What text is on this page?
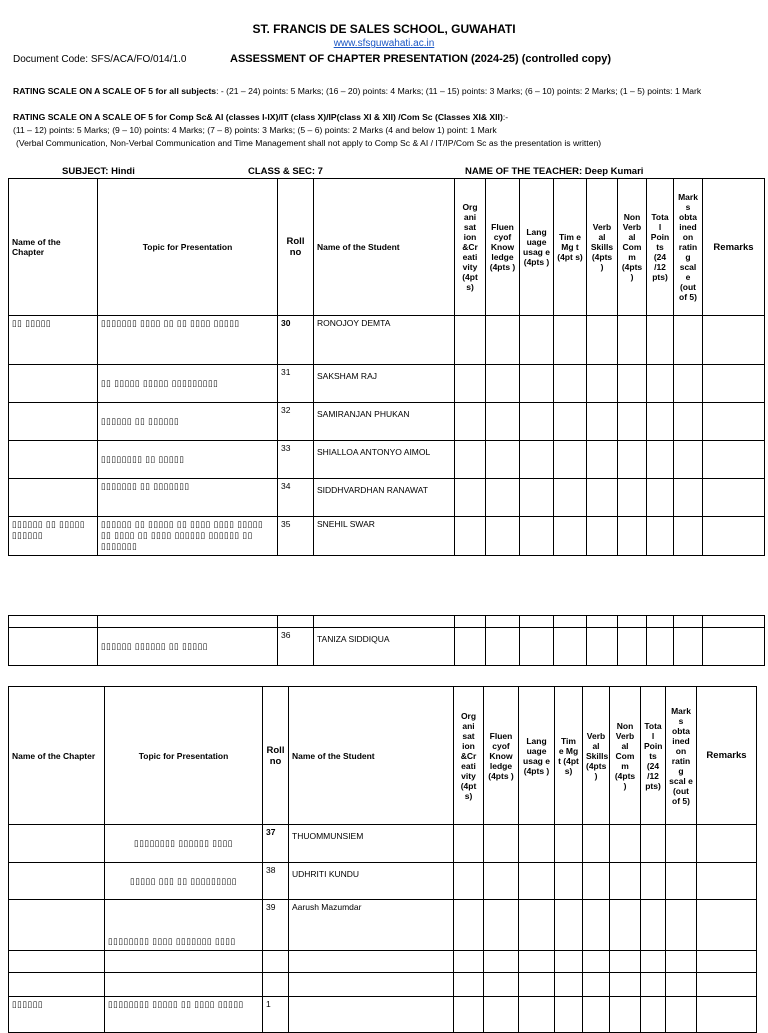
ST. FRANCIS DE SALES SCHOOL, GUWAHATI
www.sfsguwahati.ac.in
Document Code: SFS/ACA/FO/014/1.0	ASSESSMENT OF CHAPTER PRESENTATION (2024-25) (controlled copy)
RATING SCALE ON A SCALE OF 5 for all subjects: - (21 – 24) points: 5 Marks; (16 – 20) points: 4 Marks; (11 – 15) points: 3 Marks; (6 – 10) points: 2 Marks; (1 – 5) points: 1 Mark
RATING SCALE ON A SCALE OF 5 for Comp Sc& AI (classes I-IX)/IT (class X)/IP(class XI & XII) /Com Sc (Classes XI& XII):-
(11 – 12) points: 5 Marks; (9 – 10) points: 4 Marks; (7 – 8) points: 3 Marks; (5 – 6) points: 2 Marks (4 and below 1) point: 1 Mark
(Verbal Communication, Non-Verbal Communication and Time Management shall not apply to Comp Sc & AI / IT/IP/Com Sc as the presentation is written)
SUBJECT: Hindi	CLASS & SEC: 7	NAME OF THE TEACHER: Deep Kumari
Name of the Chapter	Topic for Presentation	Roll no	Name of the Student	Org ani sat ion &Cr eati vity (4pt s)	Fluen cyof Know ledge (4pts )	Lang uage usag e (4pts )	Tim e Mg t (4pt s)	Verb al Skills (4pts )	Non Verb al Com m (4pts )	Tota l Poin ts (24 /12 pts)	Mark s obta ined on ratin g scal e (out of 5)	Remarks
▯▯ ▯▯▯▯▯	▯▯▯▯▯▯▯ ▯▯▯▯ ▯▯ ▯▯ ▯▯▯▯ ▯▯▯▯▯	30	RONOJOY DEMTA									
	▯▯ ▯▯▯▯▯ ▯▯▯▯▯ ▯▯▯▯▯▯▯▯▯	31	SAKSHAM RAJ									
	▯▯▯▯▯▯ ▯▯ ▯▯▯▯▯▯	32	SAMIRANJAN PHUKAN									
	▯▯▯▯▯▯▯▯ ▯▯ ▯▯▯▯▯	33	SHIALLOA ANTONYO AIMOL									
	▯▯▯▯▯▯▯ ▯▯ ▯▯▯▯▯▯▯	34	SIDDHVARDHAN RANAWAT									
▯▯▯▯▯▯ ▯▯ ▯▯▯▯▯ ▯▯▯▯▯▯	▯▯▯▯▯▯ ▯▯ ▯▯▯▯▯ ▯▯ ▯▯▯▯ ▯▯▯▯ ▯▯▯▯▯ ▯▯ ▯▯▯▯ ▯▯ ▯▯▯▯ ▯▯▯▯▯▯ ▯▯▯▯▯▯ ▯▯ ▯▯▯▯▯▯▯	35	SNEHIL SWAR									

	▯▯▯▯▯▯ ▯▯▯▯▯▯ ▯▯ ▯▯▯▯▯	36	TANIZA SIDDIQUA									
Name of the Chapter	Topic for Presentation	Roll no	Name of the Student	Org ani sat ion &Cr eati vity (4pt s)	Fluen cyof Know ledge (4pts )	Lang uage usag e (4pts )	Tim e Mg t (4pt s)	Verb al Skills (4pts )	Non Verb al Com m (4pts )	Tota l Poin ts (24 /12 pts)	Mark s obta ined on ratin g scal e (out of 5)	Remarks
	▯▯▯▯▯▯▯▯ ▯▯▯▯▯▯ ▯▯▯▯	37	THUOMMUNSIEM									
	▯▯▯▯▯ ▯▯▯ ▯▯ ▯▯▯▯▯▯▯▯▯	38	UDHRITI KUNDU									
	▯▯▯▯▯▯▯▯ ▯▯▯▯ ▯▯▯▯▯▯▯ ▯▯▯▯	39	Aarush Mazumdar									

▯▯▯▯▯▯	▯▯▯▯▯▯▯▯ ▯▯▯▯▯ ▯▯ ▯▯▯▯ ▯▯▯▯▯	1										
